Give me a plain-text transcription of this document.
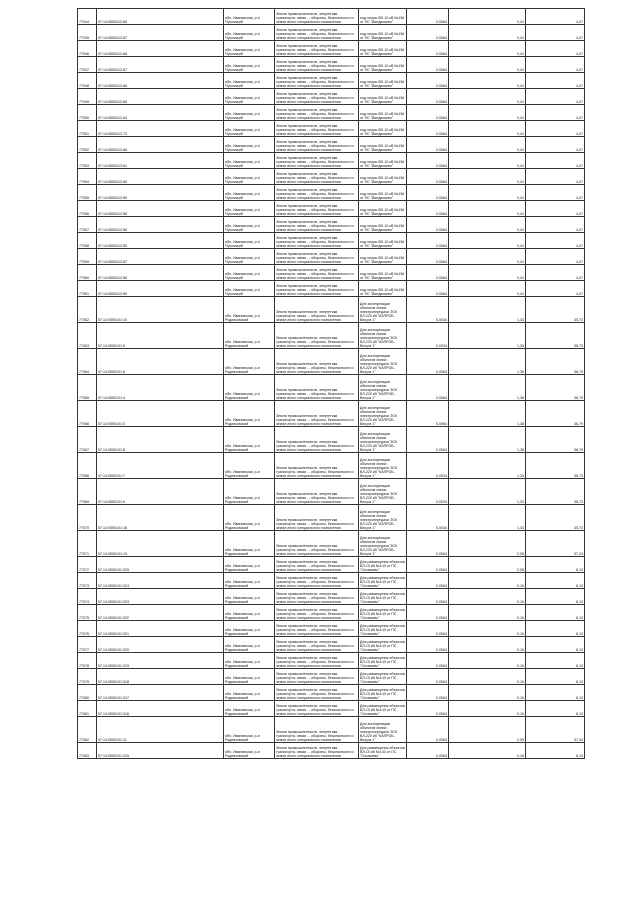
77044	57:14:0550412:65	обл. Ивановская, р-н Пучежский	Земли промышленности, энергетики, транспорта, связи ... обороны, безопасности и земли иного специального назначения	под опоры ВЛ-10 кВ №136 от ПС "Вандышево"	0,0064	0,24	4,07
77045	57:14:0550412:57	обл. Ивановская, р-н Пучежский	Земли промышленности, энергетики, транспорта, связи ... обороны, безопасности и земли иного специального назначения	под опоры ВЛ-10 кВ №136 от ПС "Вандышево"	0,0064	0,24	4,07
77046	57:14:0550412:68	обл. Ивановская, р-н Пучежский	Земли промышленности, энергетики, транспорта, связи ... обороны, безопасности и земли иного специального назначения	под опоры ВЛ-10 кВ №136 от ПС "Вандышево"	0,0064	0,24	4,07
77047	57:14:0550412:67	обл. Ивановская, р-н Пучежский	Земли промышленности, энергетики, транспорта, связи ... обороны, безопасности и земли иного специального назначения	под опоры ВЛ-10 кВ №136 от ПС "Вандышево"	0,0064	0,24	4,07
77048	57:14:0550412:66	обл. Ивановская, р-н Пучежский	Земли промышленности, энергетики, транспорта, связи ... обороны, безопасности и земли иного специального назначения	под опоры ВЛ-10 кВ №136 от ПС "Вандышево"	0,0064	0,24	4,07
77049	57:14:0550412:65	обл. Ивановская, р-н Пучежский	Земли промышленности, энергетики, транспорта, связи ... обороны, безопасности и земли иного специального назначения	под опоры ВЛ-10 кВ №136 от ПС "Вандышево"	0,0064	0,24	4,07
77050	57:14:0550412:64	обл. Ивановская, р-н Пучежский	Земли промышленности, энергетики, транспорта, связи ... обороны, безопасности и земли иного специального назначения	под опоры ВЛ-10 кВ №136 от ПС "Вандышево"	0,0064	0,24	4,07
77051	57:14:0550412:73	обл. Ивановская, р-н Пучежский	Земли промышленности, энергетики, транспорта, связи ... обороны, безопасности и земли иного специального назначения	под опоры ВЛ-10 кВ №136 от ПС "Вандышево"	0,0064	0,24	4,07
77052	57:14:0550412:66	обл. Ивановская, р-н Пучежский	Земли промышленности, энергетики, транспорта, связи ... обороны, безопасности и земли иного специального назначения	под опоры ВЛ-10 кВ №136 от ПС "Вандышево"	0,0064	0,24	4,07
77053	57:14:0550412:61	обл. Ивановская, р-н Пучежский	Земли промышленности, энергетики, транспорта, связи ... обороны, безопасности и земли иного специального назначения	под опоры ВЛ-10 кВ №136 от ПС "Вандышево"	0,0064	0,24	4,07
77054	57:14:0550412:60	обл. Ивановская, р-н Пучежский	Земли промышленности, энергетики, транспорта, связи ... обороны, безопасности и земли иного специального назначения	под опоры ВЛ-10 кВ №136 от ПС "Вандышево"	0,0064	0,24	4,07
77055	57:14:0550412:59	обл. Ивановская, р-н Пучежский	Земли промышленности, энергетики, транспорта, связи ... обороны, безопасности и земли иного специального назначения	под опоры ВЛ-10 кВ №136 от ПС "Вандышево"	0,0064	0,24	4,07
77056	57:14:0550412:58	обл. Ивановская, р-н Пучежский	Земли промышленности, энергетики, транспорта, связи ... обороны, безопасности и земли иного специального назначения	под опоры ВЛ-10 кВ №136 от ПС "Вандышево"	0,0064	0,24	4,07
77057	57:14:0550412:56	обл. Ивановская, р-н Пучежский	Земли промышленности, энергетики, транспорта, связи ... обороны, безопасности и земли иного специального назначения	под опоры ВЛ-10 кВ №136 от ПС "Вандышево"	0,0064	0,24	4,07
77058	57:14:0550412:55	обл. Ивановская, р-н Пучежский	Земли промышленности, энергетики, транспорта, связи ... обороны, безопасности и земли иного специального назначения	под опоры ВЛ-10 кВ №136 от ПС "Вандышево"	0,0064	0,24	4,07
77059	57:14:0550412:57	обл. Ивановская, р-н Пучежский	Земли промышленности, энергетики, транспорта, связи ... обороны, безопасности и земли иного специального назначения	под опоры ВЛ-10 кВ №136 от ПС "Вандышево"	0,0064	0,24	4,07
77060	57:14:0550412:56	обл. Ивановская, р-н Пучежский	Земли промышленности, энергетики, транспорта, связи ... обороны, безопасности и земли иного специального назначения	под опоры ВЛ-10 кВ №136 от ПС "Вандышево"	0,0064	0,24	4,07
77061	57:14:0550412:59	обл. Ивановская, р-н Пучежский	Земли промышленности, энергетики, транспорта, связи ... обороны, безопасности и земли иного специального назначения	под опоры ВЛ-10 кВ №136 от ПС "Вандышево"	0,0064	0,24	4,07
77062	57:14:0550101:10	обл. Ивановская, р-н Родниковский	Земли промышленности, энергетики, транспорта, связи ... обороны, безопасности и земли иного специального назначения	Для эксплуатации объектов линии электропередачи ЭСК ВЛ-220 кВ "КАПРОБ-Вичуга 1"	0,0034	1,33	35,73
77063	57:14:0550101:5	обл. Ивановская, р-н Родниковский	Земли промышленности, энергетики, транспорта, связи ... обороны, безопасности и земли иного специального назначения	Для эксплуатации объектов линии электропередачи ЭСК ВЛ-220 кВ "КАПРОБ-Вичуга 1"	0,0034	1,33	35,73
77064	57:14:0550101:6	обл. Ивановская, р-н Родниковский	Земли промышленности, энергетики, транспорта, связи ... обороны, безопасности и земли иного специального назначения	Для эксплуатации объектов линии электропередачи ЭСК ВЛ-220 кВ "КАПРОБ-Вичуга 1"	0,0064	1,38	36,79
77065	57:14:0550101:4	обл. Ивановская, р-н Родниковский	Земли промышленности, энергетики, транспорта, связи ... обороны, безопасности и земли иного специального назначения	Для эксплуатации объектов линии электропередачи ЭСК ВЛ-220 кВ "КАПРОБ-Вичуга 1"	0,0064	1,38	36,79
77066	57:14:0550101:3	обл. Ивановская, р-н Родниковский	Земли промышленности, энергетики, транспорта, связи ... обороны, безопасности и земли иного специального назначения	Для эксплуатации объектов линии электропередачи ЭСК ВЛ-220 кВ "КАПРОБ-Вичуга 1"	0,0064	1,38	36,79
77067	57:14:0550101:8	обл. Ивановская, р-н Родниковский	Земли промышленности, энергетики, транспорта, связи ... обороны, безопасности и земли иного специального назначения	Для эксплуатации объектов линии электропередачи ЭСК ВЛ-220 кВ "КАПРОБ-Вичуга 1"	0,0064	1,38	36,79
77068	57:14:0550101:7	обл. Ивановская, р-н Родниковский	Земли промышленности, энергетики, транспорта, связи ... обороны, безопасности и земли иного специального назначения	Для эксплуатации объектов линии электропередачи ЭСК ВЛ-220 кВ "КАПРОБ-Вичуга 1"	0,0034	1,33	35,73
77069	57:14:0550101:9	обл. Ивановская, р-н Родниковский	Земли промышленности, энергетики, транспорта, связи ... обороны, безопасности и земли иного специального назначения	Для эксплуатации объектов линии электропередачи ЭСК ВЛ-220 кВ "КАПРОБ-Вичуга 1"	0,0034	1,33	35,73
77070	57:14:0550101:18	обл. Ивановская, р-н Родниковский	Земли промышленности, энергетики, транспорта, связи ... обороны, безопасности и земли иного специального назначения	Для эксплуатации объектов линии электропередачи ЭСК ВЛ-220 кВ "КАПРОБ-Вичуга 1"	0,0034	1,33	35,73
77071	57:14:0550101:19	обл. Ивановская, р-н Родниковский	Земли промышленности, энергетики, транспорта, связи ... обороны, безопасности и земли иного специального назначения	Для эксплуатации объектов линии электропередачи ЭСК ВЛ-220 кВ "КАПРОБ-Вичуга 1"	0,0064	2,08	37,24
77072	57:14:0550101:325	обл. Ивановская, р-н Родниковский	Земли промышленности, энергетики, транспорта, связи ... обороны, безопасности и земли иного специального назначения	Для размещения объектов ВЛ-10 кВ №143 от ПС "Осташево"	0,0064	2,08	6,13
77073	57:14:0550101:324	обл. Ивановская, р-н Родниковский	Земли промышленности, энергетики, транспорта, связи ... обороны, безопасности и земли иного специального назначения	Для размещения объектов ВЛ-10 кВ №143 от ПС "Осташево"	0,0064	0,16	6,13
77074	57:14:0550101:323	обл. Ивановская, р-н Родниковский	Земли промышленности, энергетики, транспорта, связи ... обороны, безопасности и земли иного специального назначения	Для размещения объектов ВЛ-10 кВ №143 от ПС "Осташево"	0,0064	0,16	6,13
77075	57:14:0550101:322	обл. Ивановская, р-н Родниковский	Земли промышленности, энергетики, транспорта, связи ... обороны, безопасности и земли иного специального назначения	Для размещения объектов ВЛ-10 кВ №143 от ПС "Осташево"	0,0064	0,16	6,13
77076	57:14:0550101:321	обл. Ивановская, р-н Родниковский	Земли промышленности, энергетики, транспорта, связи ... обороны, безопасности и земли иного специального назначения	Для размещения объектов ВЛ-10 кВ №143 от ПС "Осташево"	0,0064	0,16	6,13
77077	57:14:0550101:320	обл. Ивановская, р-н Родниковский	Земли промышленности, энергетики, транспорта, связи ... обороны, безопасности и земли иного специального назначения	Для размещения объектов ВЛ-10 кВ №143 от ПС "Осташево"	0,0064	0,16	6,13
77078	57:14:0550101:319	обл. Ивановская, р-н Родниковский	Земли промышленности, энергетики, транспорта, связи ... обороны, безопасности и земли иного специального назначения	Для размещения объектов ВЛ-10 кВ №143 от ПС "Осташево"	0,0064	0,16	6,13
77079	57:14:0550101:318	обл. Ивановская, р-н Родниковский	Земли промышленности, энергетики, транспорта, связи ... обороны, безопасности и земли иного специального назначения	Для размещения объектов ВЛ-10 кВ №143 от ПС "Осташево"	0,0064	0,16	6,13
77080	57:14:0550101:317	обл. Ивановская, р-н Родниковский	Земли промышленности, энергетики, транспорта, связи ... обороны, безопасности и земли иного специального назначения	Для размещения объектов ВЛ-10 кВ №143 от ПС "Осташево"	0,0064	0,16	6,13
77081	57:14:0550101:316	обл. Ивановская, р-н Родниковский	Земли промышленности, энергетики, транспорта, связи ... обороны, безопасности и земли иного специального назначения	Для размещения объектов ВЛ-10 кВ №143 от ПС "Осташево"	0,0064	0,16	6,13
77082	57:14:0550101:11	обл. Ивановская, р-н Родниковский	Земли промышленности, энергетики, транспорта, связи ... обороны, безопасности и земли иного специального назначения	Для эксплуатации объектов линии электропередачи ЭСК ВЛ-220 кВ "КАПРОБ-Вичуга 1"	0,0064	2,05	37,34
77083	57:14:0550101:315	обл. Ивановская, р-н Родниковский	Земли промышленности, энергетики, транспорта, связи ... обороны, безопасности и земли иного специального назначения	Для размещения объектов ВЛ-10 кВ №143 от ПС "Осташево"	0,0064	0,16	6,13
